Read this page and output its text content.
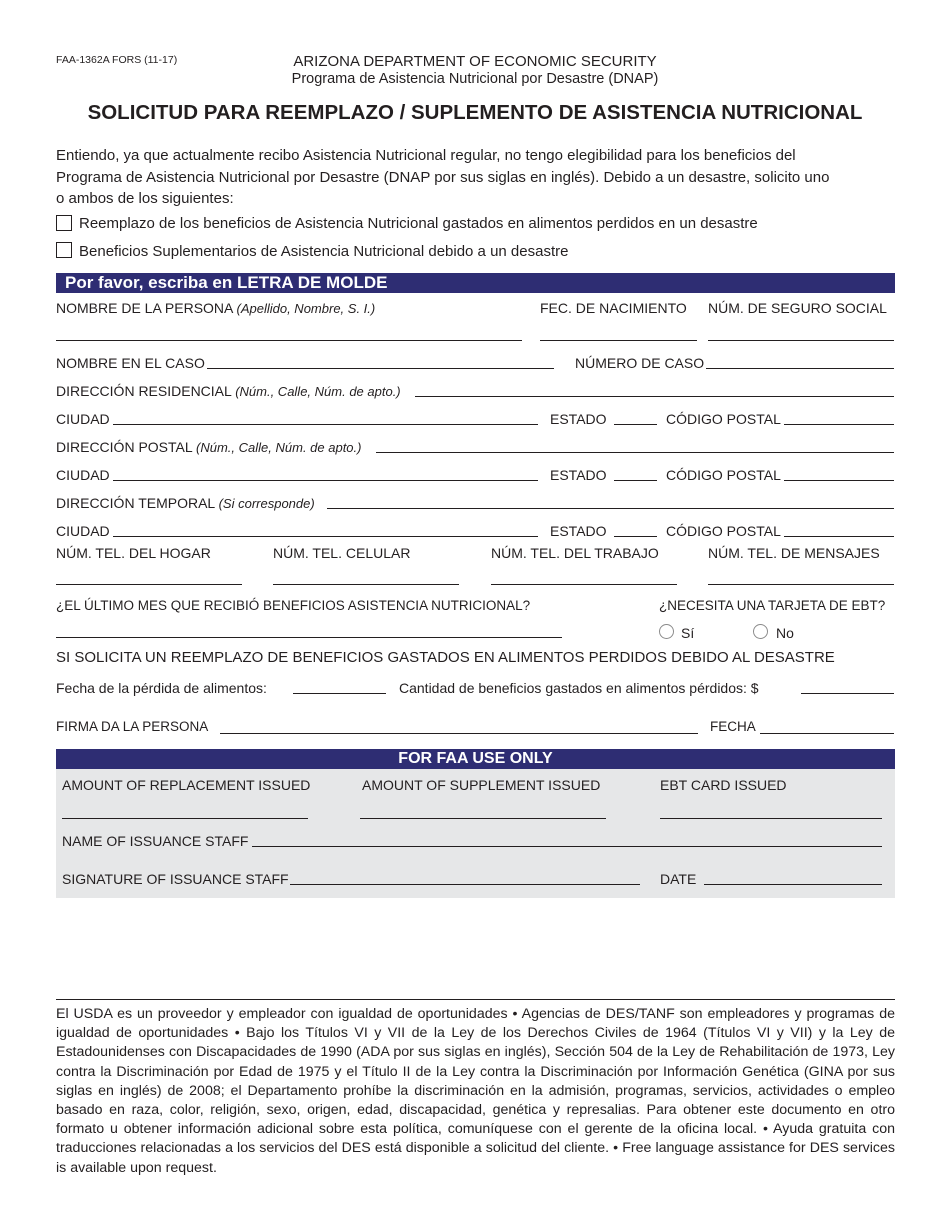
FAA-1362A FORS (11-17)	ARIZONA DEPARTMENT OF ECONOMIC SECURITY
Programa de Asistencia Nutricional por Desastre (DNAP)
SOLICITUD PARA REEMPLAZO / SUPLEMENTO DE ASISTENCIA NUTRICIONAL
Entiendo, ya que actualmente recibo Asistencia Nutricional regular, no tengo elegibilidad para los beneficios del
Programa de Asistencia Nutricional por Desastre (DNAP por sus siglas en inglés). Debido a un desastre, solicito uno
o ambos de los siguientes:
Reemplazo de los beneficios de Asistencia Nutricional gastados en alimentos perdidos en un desastre
Beneficios Suplementarios de Asistencia Nutricional debido a un desastre
Por favor, escriba en LETRA DE MOLDE
NOMBRE DE LA PERSONA (Apellido, Nombre, S. I.)	FEC. DE NACIMIENTO NÚM. DE SEGURO SOCIAL
NOMBRE EN EL CASO	NÚMERO DE CASO
DIRECCIÓN RESIDENCIAL (Núm., Calle, Núm. de apto.)
CIUDAD	ESTADO	CÓDIGO POSTAL
DIRECCIÓN POSTAL (Núm., Calle, Núm. de apto.)
CIUDAD	ESTADO	CÓDIGO POSTAL
DIRECCIÓN TEMPORAL (Si corresponde)
CIUDAD	ESTADO	CÓDIGO POSTAL
NÚM. TEL. DEL HOGAR	NÚM. TEL. CELULAR	NÚM. TEL. DEL TRABAJO	NÚM. TEL. DE MENSAJES
¿EL ÚLTIMO MES QUE RECIBIÓ BENEFICIOS ASISTENCIA NUTRICIONAL?	¿NECESITA UNA TARJETA DE EBT?
Sí	No
SI SOLICITA UN REEMPLAZO DE BENEFICIOS GASTADOS EN ALIMENTOS PERDIDOS DEBIDO AL DESASTRE
Fecha de la pérdida de alimentos:	Cantidad de beneficios gastados en alimentos pérdidos: $
FIRMA DA LA PERSONA	FECHA
FOR FAA USE ONLY
AMOUNT OF REPLACEMENT ISSUED	AMOUNT OF SUPPLEMENT ISSUED	EBT CARD ISSUED
NAME OF ISSUANCE STAFF
SIGNATURE OF ISSUANCE STAFF	DATE
El USDA es un proveedor y empleador con igualdad de oportunidades • Agencias de DES/TANF son empleadores y programas de igualdad de oportunidades • Bajo los Títulos VI y VII de la Ley de los Derechos Civiles de 1964 (Títulos VI y VII) y la Ley de Estadounidenses con Discapacidades de 1990 (ADA por sus siglas en inglés), Sección 504 de la Ley de Rehabilitación de 1973, Ley contra la Discriminación por Edad de 1975 y el Título II de la Ley contra la Discriminación por Información Genética (GINA por sus siglas en inglés) de 2008; el Departamento prohíbe la discriminación en la admisión, programas, servicios, actividades o empleo basado en raza, color, religión, sexo, origen, edad, discapacidad, genética y represalias. Para obtener este documento en otro formato u obtener información adicional sobre esta política, comuníquese con el gerente de la oficina local. • Ayuda gratuita con traducciones relacionadas a los servicios del DES está disponible a solicitud del cliente. • Free language assistance for DES services is available upon request.
